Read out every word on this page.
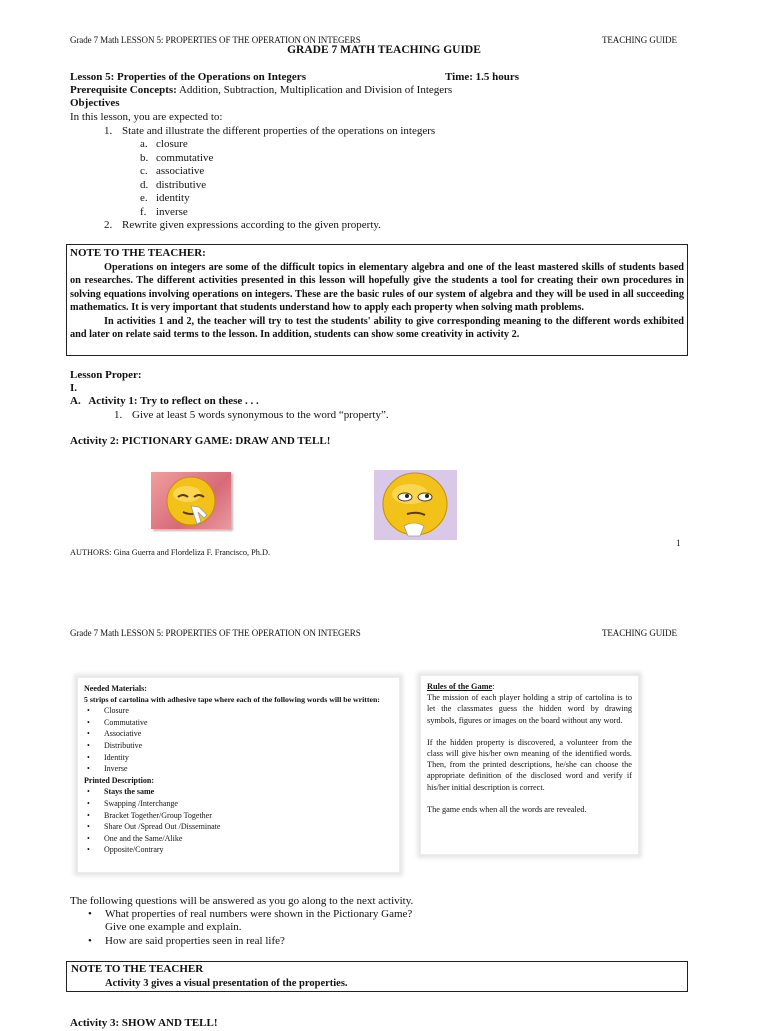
Grade 7 Math LESSON 5: PROPERTIES OF THE OPERATION ON INTEGERS	TEACHING GUIDE
GRADE 7 MATH TEACHING GUIDE
Lesson 5: Properties of the Operations on Integers	Time: 1.5 hours
Prerequisite Concepts: Addition, Subtraction, Multiplication and Division of Integers
Objectives
In this lesson, you are expected to:
1. State and illustrate the different properties of the operations on integers
a. closure
b. commutative
c. associative
d. distributive
e. identity
f. inverse
2. Rewrite given expressions according to the given property.

NOTE TO THE TEACHER:

Operations on integers are some of the difficult topics in elementary algebra and one of the least mastered skills of students based on researches. The different activities presented in this lesson will hopefully give the students a tool for creating their own procedures in solving equations involving operations on integers. These are the basic rules of our system of algebra and they will be used in all succeeding mathematics. It is very important that students understand how to apply each property when solving math problems.

In activities 1 and 2, the teacher will try to test the students' ability to give corresponding meaning to the different words exhibited and later on relate said terms to the lesson. In addition, students can show some creativity in activity 2.

Lesson Proper:
I.
A.   Activity 1: Try to reflect on these . . .
1. Give at least 5 words synonymous to the word “property”.
Activity 2: PICTIONARY GAME: DRAW AND TELL!
AUTHORS: Gina Guerra and Flordeliza F. Francisco, Ph.D.
1
Grade 7 Math LESSON 5: PROPERTIES OF THE OPERATION ON INTEGERS	TEACHING GUIDE
Needed Materials:
5 strips of cartolina with adhesive tape where each of the following words will be written:
• Closure
• Commutative
• Associative
• Distributive
• Identity
• Inverse
Printed Description:
• Stays the same
• Swapping /Interchange
• Bracket Together/Group Together
• Share Out /Spread Out /Disseminate
• One and the Same/Alike
• Opposite/Contrary

Rules of the Game:

The mission of each player holding a strip of cartolina is to let the classmates guess the hidden word by drawing symbols, figures or images on the board without any word.

If the hidden property is discovered, a volunteer from the class will give his/her own meaning of the identified words. Then, from the printed descriptions, he/she can choose the appropriate definition of the disclosed word and verify if his/her initial description is correct.

The game ends when all the words are revealed.

The following questions will be answered as you go along to the next activity.
• What properties of real numbers were shown in the Pictionary Game?
Give one example and explain.
• How are said properties seen in real life?
NOTE TO THE TEACHER
Activity 3 gives a visual presentation of the properties.
Activity 3: SHOW AND TELL!
